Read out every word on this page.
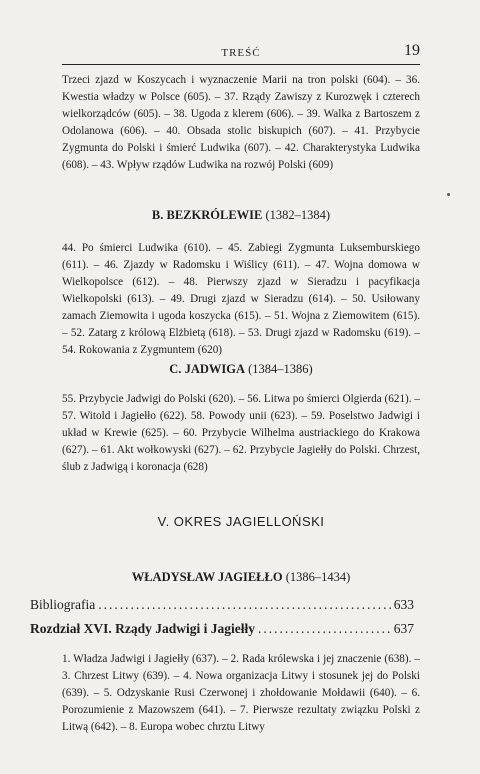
TREŚĆ	19
Trzeci zjazd w Koszycach i wyznaczenie Marii na tron polski (604). – 36. Kwestia władzy w Polsce (605). – 37. Rządy Zawiszy z Kurozwęk i czterech wielkorządców (605). – 38. Ugoda z klerem (606). – 39. Walka z Bartoszem z Odolanowa (606). – 40. Obsada stolic biskupich (607). – 41. Przybycie Zygmunta do Polski i śmierć Ludwika (607). – 42. Charakterystyka Ludwika (608). – 43. Wpływ rządów Ludwika na rozwój Polski (609)
B. BEZKRÓLEWIE (1382–1384)
44. Po śmierci Ludwika (610). – 45. Zabiegi Zygmunta Luksemburskiego (611). – 46. Zjazdy w Radomsku i Wiślicy (611). – 47. Wojna domowa w Wielkopolsce (612). – 48. Pierwszy zjazd w Sieradzu i pacyfikacja Wielkopolski (613). – 49. Drugi zjazd w Sieradzu (614). – 50. Usiłowany zamach Ziemowita i ugoda koszycka (615). – 51. Wojna z Ziemowitem (615). – 52. Zatarg z królową Elżbietą (618). – 53. Drugi zjazd w Radomsku (619). – 54. Rokowania z Zygmuntem (620)
C. JADWIGA (1384–1386)
55. Przybycie Jadwigi do Polski (620). – 56. Litwa po śmierci Olgierda (621). – 57. Witold i Jagiełło (622). 58. Powody unii (623). – 59. Poselstwo Jadwigi i układ w Krewie (625). – 60. Przybycie Wilhelma austriackiego do Krakowa (627). – 61. Akt wołkowyski (627). – 62. Przybycie Jagiełły do Polski. Chrzest, ślub z Jadwigą i koronacja (628)
V. OKRES JAGIELLOŃSKI
WŁADYSŁAW JAGIEŁŁO (1386–1434)
Bibliografia .....	633
Rozdział XVI. Rządy Jadwigi i Jagiełły .....	637
1. Władza Jadwigi i Jagiełły (637). – 2. Rada królewska i jej znaczenie (638). – 3. Chrzest Litwy (639). – 4. Nowa organizacja Litwy i stosunek jej do Polski (639). – 5. Odzyskanie Rusi Czerwonej i zhołdowanie Mołdawii (640). – 6. Porozumienie z Mazowszem (641). – 7. Pierwsze rezultaty związku Polski z Litwą (642). – 8. Europa wobec chrztu Litwy
